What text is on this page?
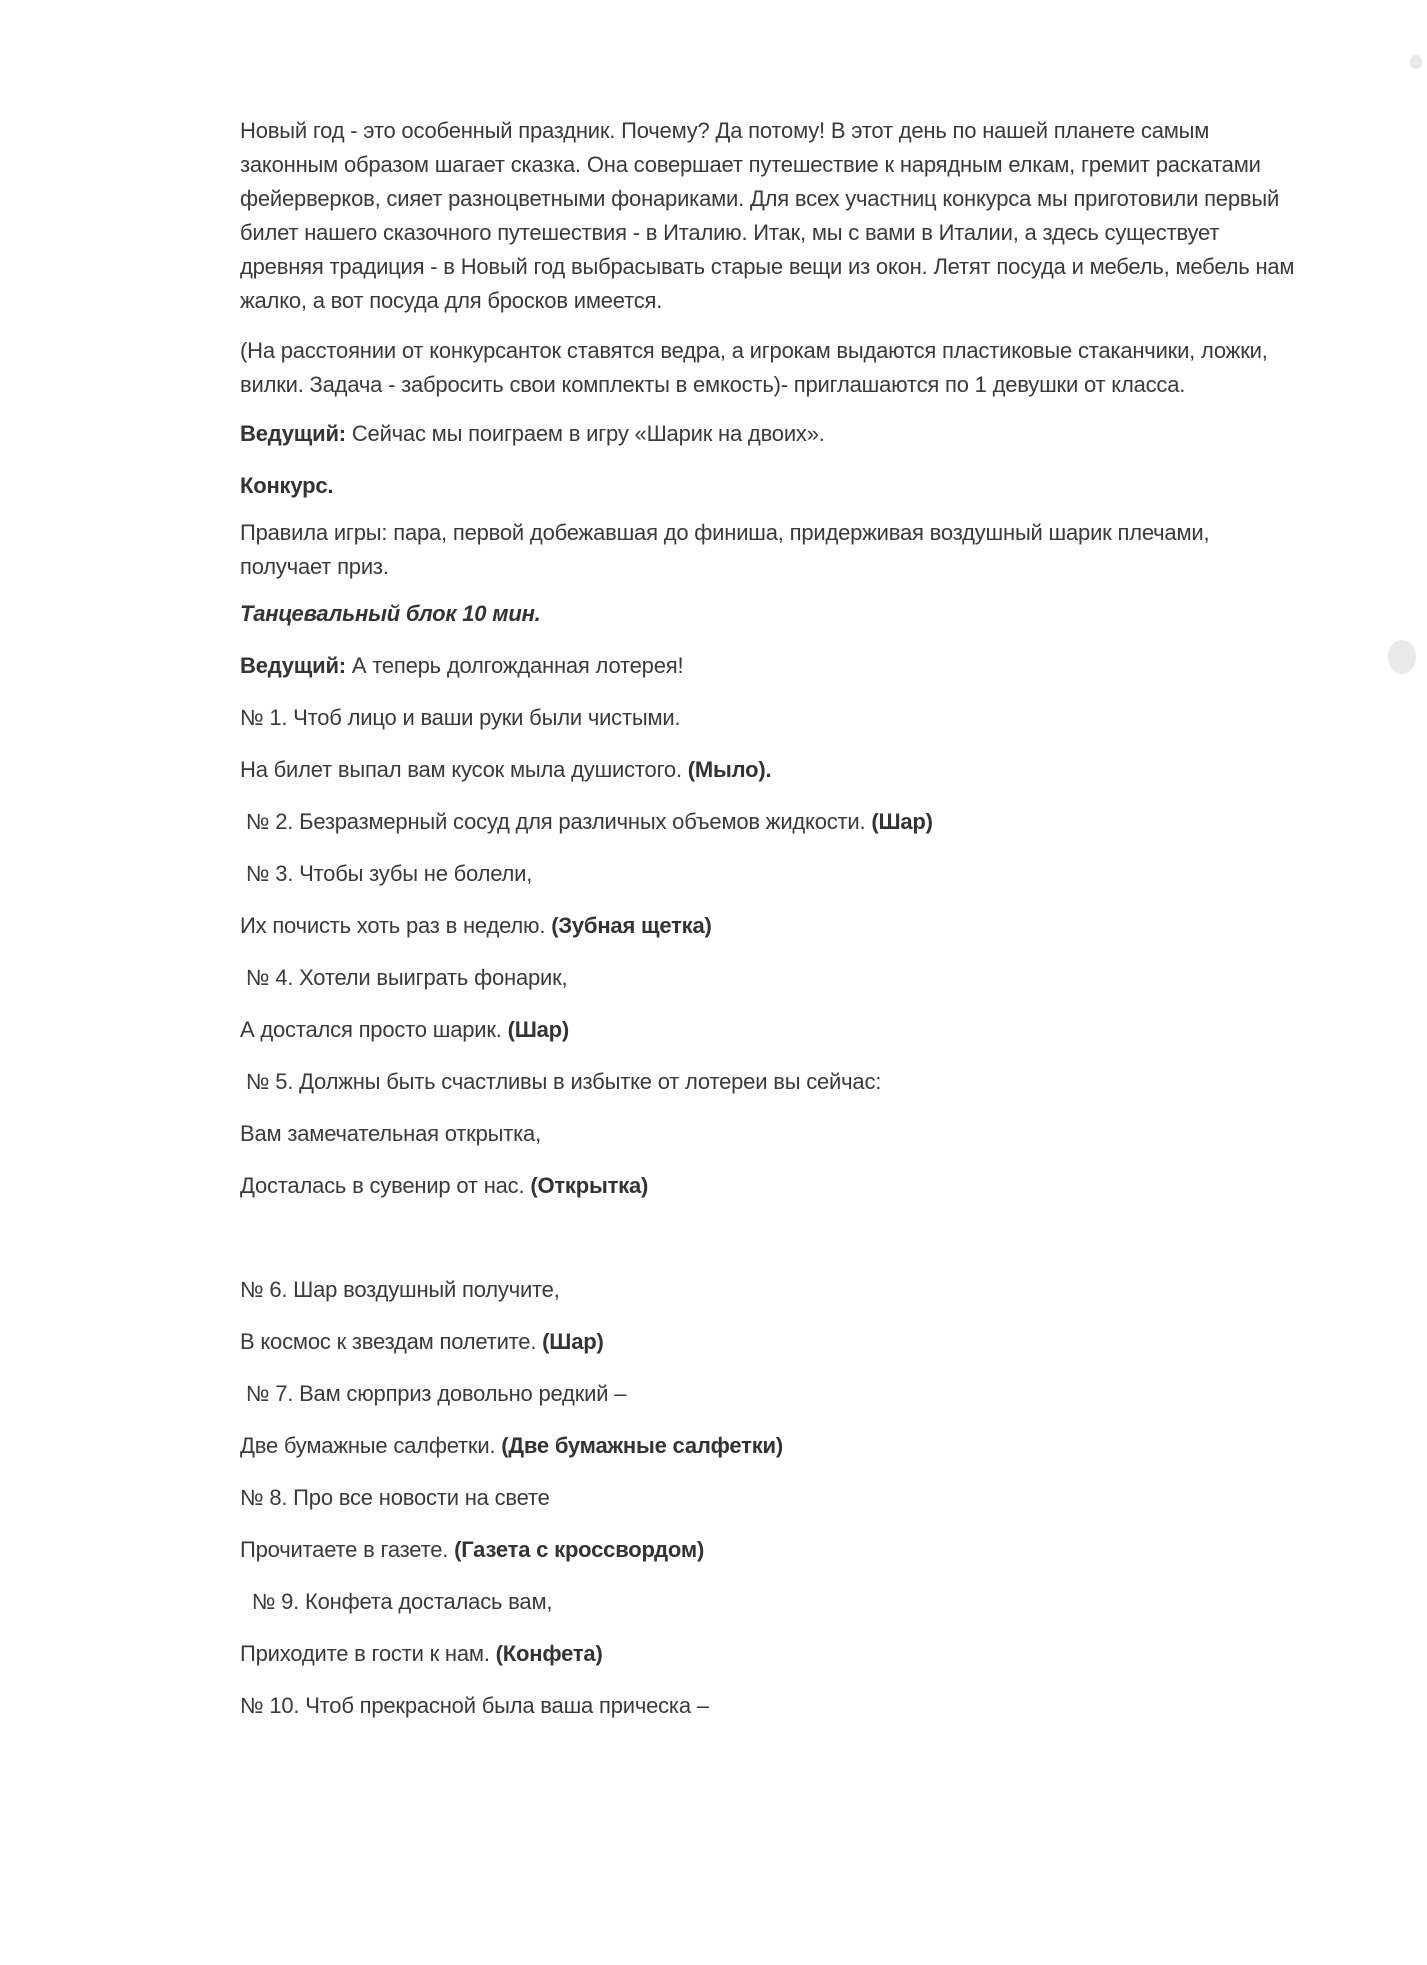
Новый год - это особенный праздник. Почему? Да потому! В этот день по нашей планете самым законным образом шагает сказка. Она совершает путешествие к нарядным елкам, гремит раскатами фейерверков, сияет разноцветными фонариками. Для всех участниц конкурса мы приготовили первый билет нашего сказочного путешествия - в Италию. Итак, мы с вами в Италии, а здесь существует древняя традиция - в Новый год выбрасывать старые вещи из окон. Летят посуда и мебель, мебель нам жалко, а вот посуда для бросков имеется.

(На расстоянии от конкурсанток ставятся ведра, а игрокам выдаются пластиковые стаканчики, ложки, вилки. Задача - забросить свои комплекты в емкость)- приглашаются по 1 девушки от класса.

Ведущий: Сейчас мы поиграем в игру «Шарик на двоих».
Конкурс.

Правила игры: пара, первой добежавшая до финиша, придерживая воздушный шарик плечами, получает приз.

Танцевальный блок 10 мин.
Ведущий: А теперь долгожданная лотерея!
№ 1. Чтоб лицо и ваши руки были чистыми.
На билет выпал вам кусок мыла душистого. (Мыло).
№ 2. Безразмерный сосуд для различных объемов жидкости. (Шар)
№ 3. Чтобы зубы не болели,
Их почисть хоть раз в неделю. (Зубная щетка)
№ 4. Хотели выиграть фонарик,
А достался просто шарик. (Шар)
№ 5. Должны быть счастливы в избытке от лотереи вы сейчас:
Вам замечательная открытка,
Досталась в сувенир от нас. (Открытка)
№ 6. Шар воздушный получите,
В космос к звездам полетите. (Шар)
№ 7. Вам сюрприз довольно редкий –
Две бумажные салфетки. (Две бумажные салфетки)
№ 8. Про все новости на свете
Прочитаете в газете. (Газета с кроссвордом)
№ 9. Конфета досталась вам,
Приходите в гости к нам. (Конфета)
№ 10. Чтоб прекрасной была ваша прическа –
